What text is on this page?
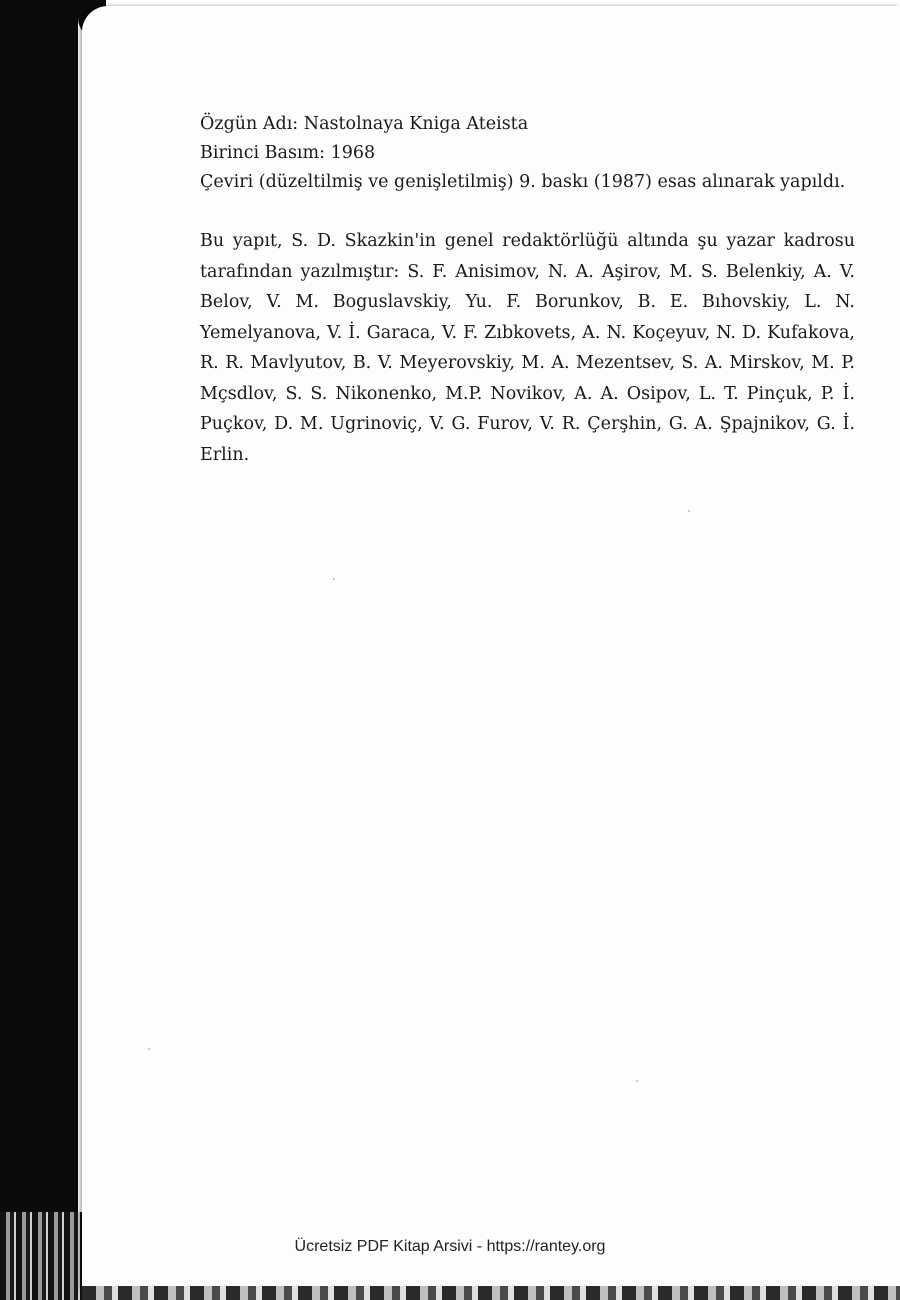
Özgün Adı: Nastolnaya Kniga Ateista
Birinci Basım: 1968
Çeviri (düzeltilmiş ve genişletilmiş) 9. baskı (1987) esas alınarak yapıldı.
Bu yapıt, S. D. Skazkin'in genel redaktörlüğü altında şu yazar kadrosu tarafından yazılmıştır: S. F. Anisimov, N. A. Aşirov, M. S. Belenkiy, A. V. Belov, V. M. Boguslavskiy, Yu. F. Borunkov, B. E. Bıhovskiy, L. N. Yemelyanova, V. İ. Garaca, V. F. Zıbkovets, A. N. Koçeyuv, N. D. Kufakova, R. R. Mavlyutov, B. V. Meyerovskiy, M. A. Mezentsev, S. A. Mirskov, M. P. Mçsdlov, S. S. Nikonenko, M.P. Novikov, A. A. Osipov, L. T. Pinçuk, P. İ. Puçkov, D. M. Ugrinoviç, V. G. Furov, V. R. Çerşhin, G. A. Şpajnikov, G. İ. Erlin.
Ücretsiz PDF Kitap Arsivi - https://rantey.org
